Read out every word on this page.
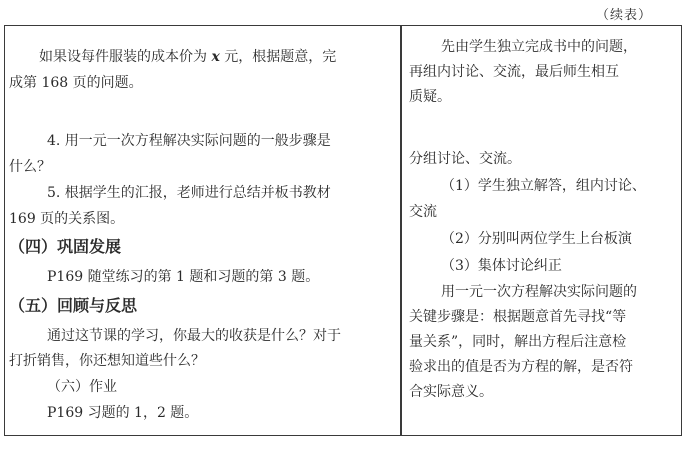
（续表）
如果设每件服装的成本价为 x 元，根据题意，完
成第 168 页的问题。
4. 用一元一次方程解决实际问题的一般步骤是
什么？
5. 根据学生的汇报，老师进行总结并板书教材
169 页的关系图。
（四）巩固发展
P169 随堂练习的第 1 题和习题的第 3 题。
（五）回顾与反思
通过这节课的学习，你最大的收获是什么？对于
打折销售，你还想知道些什么？
（六）作业
P169 习题的 1，2 题。
先由学生独立完成书中的问题，
再组内讨论、交流，最后师生相互
质疑。
分组讨论、交流。
（1）学生独立解答，组内讨论、
交流
（2）分别叫两位学生上台板演
（3）集体讨论纠正
用一元一次方程解决实际问题的
关键步骤是：根据题意首先寻找“等
量关系”，同时，解出方程后注意检
验求出的值是否为方程的解，是否符
合实际意义。
